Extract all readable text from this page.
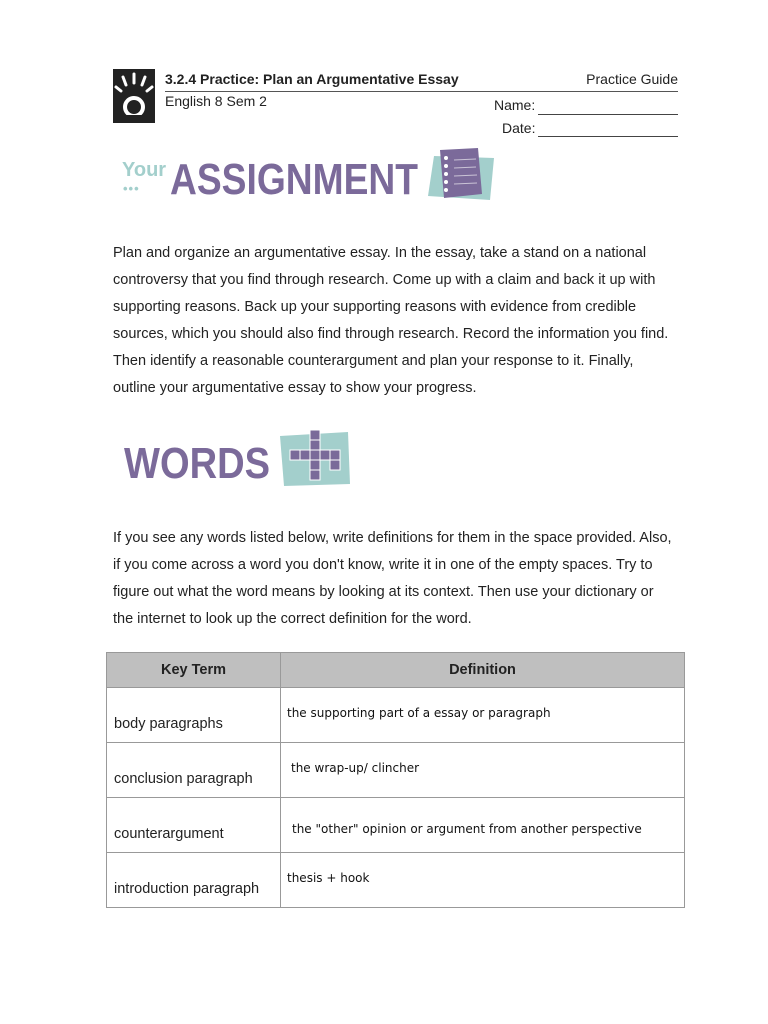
3.2.4 Practice: Plan an Argumentative Essay	Practice Guide
English 8 Sem 2	Name:
Date:
Your
••• ASSIGNMENT

Plan and organize an argumentative essay. In the essay, take a stand on a national controversy that you find through research. Come up with a claim and back it up with supporting reasons. Back up your supporting reasons with evidence from credible sources, which you should also find through research. Record the information you find. Then identify a reasonable counterargument and plan your response to it. Finally, outline your argumentative essay to show your progress.

WORDS

If you see any words listed below, write definitions for them in the space provided. Also, if you come across a word you don't know, write it in one of the empty spaces. Try to figure out what the word means by looking at its context. Then use your dictionary or the internet to look up the correct definition for the word.

Key Term	Definition

body paragraphs	the supporting part of a essay or paragraph

conclusion paragraph	the wrap-up/ clincher

counterargument	the "other" opinion or argument from another perspective

introduction paragraph	thesis + hook
